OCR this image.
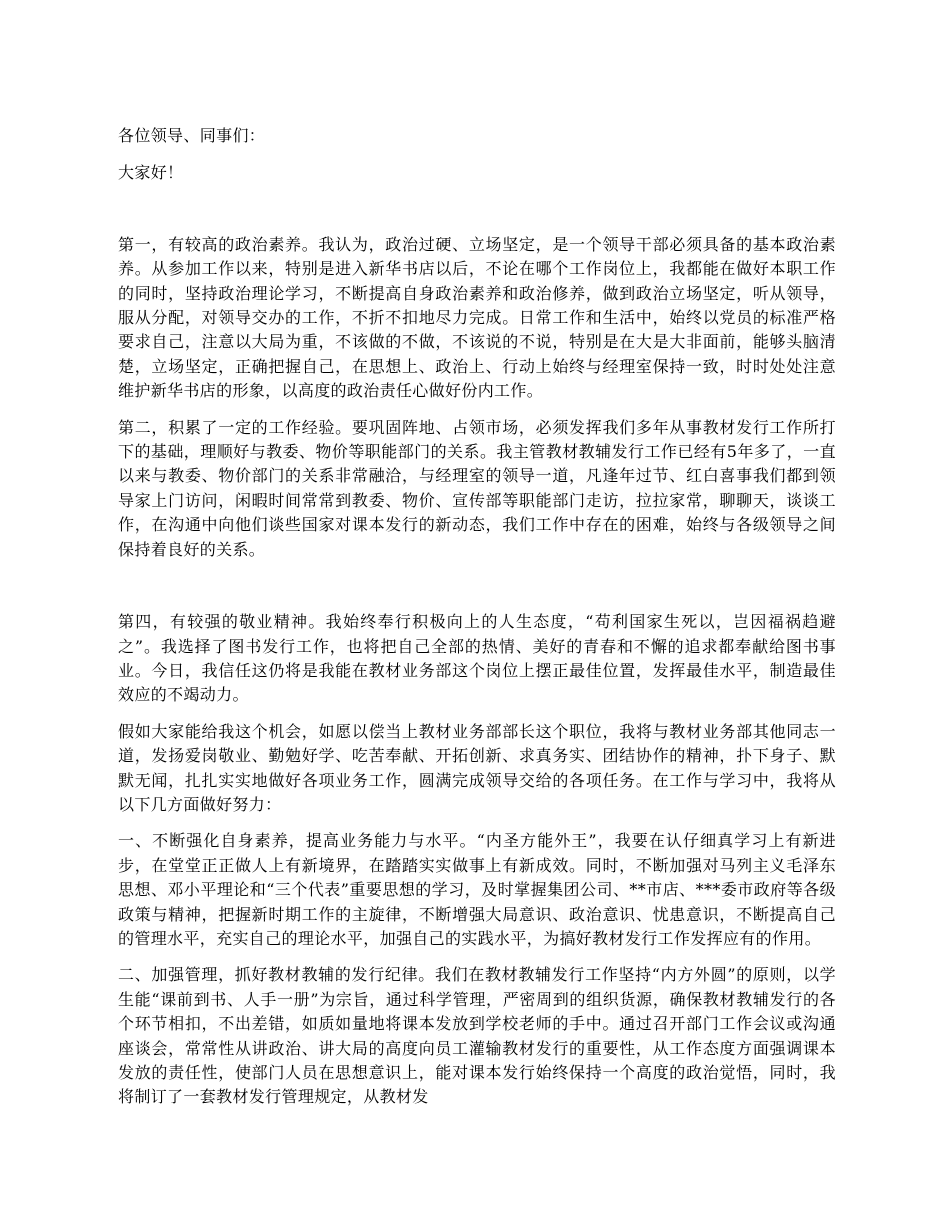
各位领导、同事们：
大家好！

第一，有较高的政治素养。我认为，政治过硬、立场坚定，是一个领导干部必须具备的基本政治素养。从参加工作以来，特别是进入新华书店以后，不论在哪个工作岗位上，我都能在做好本职工作的同时，坚持政治理论学习，不断提高自身政治素养和政治修养，做到政治立场坚定，听从领导，服从分配，对领导交办的工作，不折不扣地尽力完成。日常工作和生活中，始终以党员的标准严格要求自己，注意以大局为重，不该做的不做，不该说的不说，特别是在大是大非面前，能够头脑清楚，立场坚定，正确把握自己，在思想上、政治上、行动上始终与经理室保持一致，时时处处注意维护新华书店的形象，以高度的政治责任心做好份内工作。

第二，积累了一定的工作经验。要巩固阵地、占领市场，必须发挥我们多年从事教材发行工作所打下的基础，理顺好与教委、物价等职能部门的关系。我主管教材教辅发行工作已经有5年多了，一直以来与教委、物价部门的关系非常融洽，与经理室的领导一道，凡逢年过节、红白喜事我们都到领导家上门访问，闲暇时间常常到教委、物价、宣传部等职能部门走访，拉拉家常，聊聊天，谈谈工作，在沟通中向他们谈些国家对课本发行的新动态，我们工作中存在的困难，始终与各级领导之间保持着良好的关系。

第四，有较强的敬业精神。我始终奉行积极向上的人生态度，“苟利国家生死以，岂因福祸趋避之”。我选择了图书发行工作，也将把自己全部的热情、美好的青春和不懈的追求都奉献给图书事业。今日，我信任这仍将是我能在教材业务部这个岗位上摆正最佳位置，发挥最佳水平，制造最佳效应的不竭动力。

假如大家能给我这个机会，如愿以偿当上教材业务部部长这个职位，我将与教材业务部其他同志一道，发扬爱岗敬业、勤勉好学、吃苦奉献、开拓创新、求真务实、团结协作的精神，扑下身子、默默无闻，扎扎实实地做好各项业务工作，圆满完成领导交给的各项任务。在工作与学习中，我将从以下几方面做好努力：

一、不断强化自身素养，提高业务能力与水平。“内圣方能外王”，我要在认仔细真学习上有新进步，在堂堂正正做人上有新境界，在踏踏实实做事上有新成效。同时，不断加强对马列主义毛泽东思想、邓小平理论和“三个代表”重要思想的学习，及时掌握集团公司、**市店、***委市政府等各级政策与精神，把握新时期工作的主旋律，不断增强大局意识、政治意识、忧患意识，不断提高自己的管理水平，充实自己的理论水平，加强自己的实践水平，为搞好教材发行工作发挥应有的作用。

二、加强管理，抓好教材教辅的发行纪律。我们在教材教辅发行工作坚持“内方外圆”的原则，以学生能“课前到书、人手一册”为宗旨，通过科学管理，严密周到的组织货源，确保教材教辅发行的各个环节相扣，不出差错，如质如量地将课本发放到学校老师的手中。通过召开部门工作会议或沟通座谈会，常常性从讲政治、讲大局的高度向员工灌输教材发行的重要性，从工作态度方面强调课本发放的责任性，使部门人员在思想意识上，能对课本发行始终保持一个高度的政治觉悟，同时，我将制订了一套教材发行管理规定，从教材发
